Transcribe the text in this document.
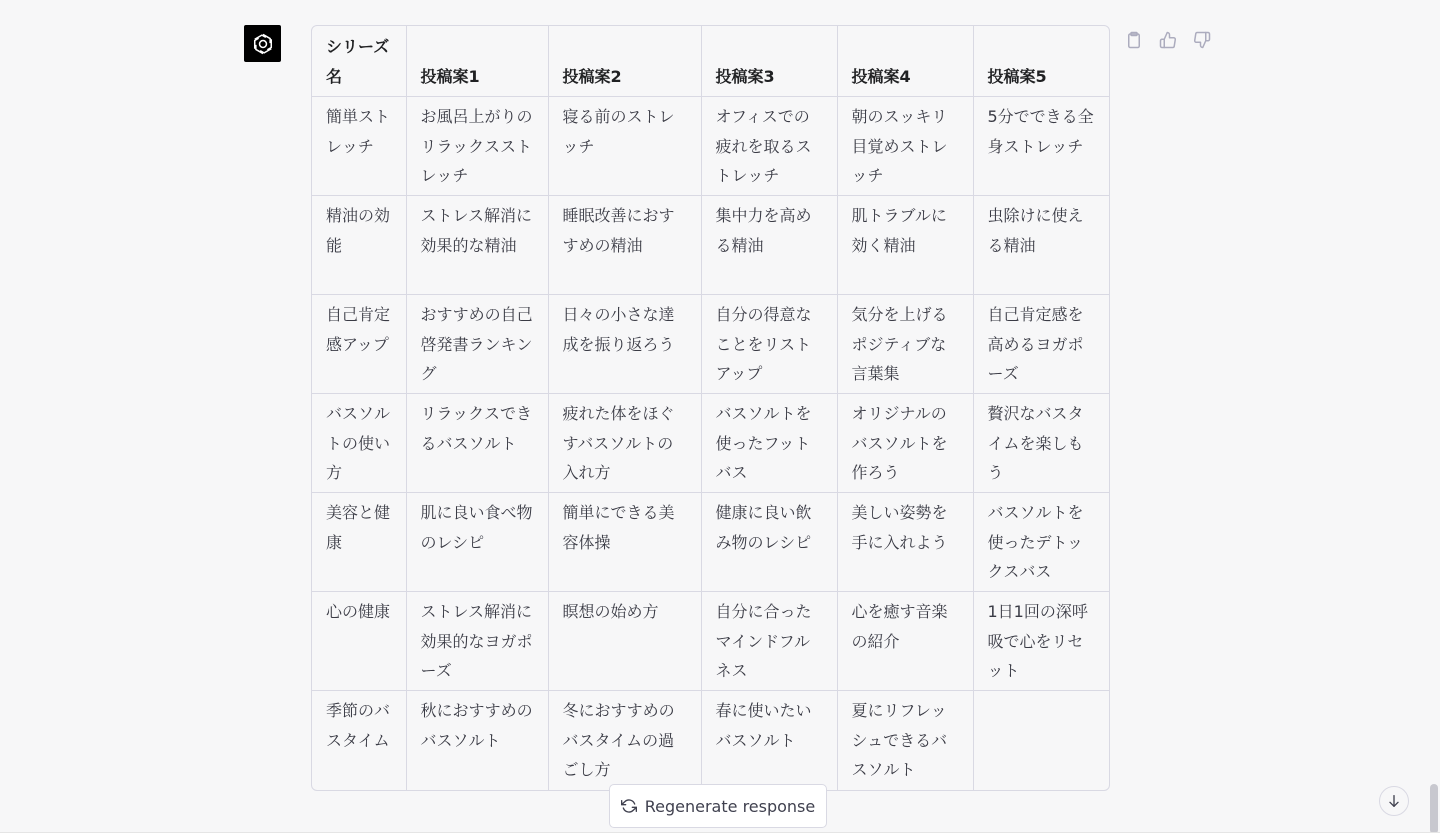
シリーズ名	投稿案1	投稿案2	投稿案3	投稿案4	投稿案5
簡単ストレッチ	お風呂上がりのリラックスストレッチ	寝る前のストレッチ	オフィスでの疲れを取るストレッチ	朝のスッキリ目覚めストレッチ	5分でできる全身ストレッチ
精油の効能	ストレス解消に効果的な精油	睡眠改善におすすめの精油	集中力を高める精油	肌トラブルに効く精油	虫除けに使える精油
自己肯定感アップ	おすすめの自己啓発書ランキング	日々の小さな達成を振り返ろう	自分の得意なことをリストアップ	気分を上げるポジティブな言葉集	自己肯定感を高めるヨガポーズ
バスソルトの使い方	リラックスできるバスソルト	疲れた体をほぐすバスソルトの入れ方	バスソルトを使ったフットバス	オリジナルのバスソルトを作ろう	贅沢なバスタイムを楽しもう
美容と健康	肌に良い食べ物のレシピ	簡単にできる美容体操	健康に良い飲み物のレシピ	美しい姿勢を手に入れよう	バスソルトを使ったデトックスバス
心の健康	ストレス解消に効果的なヨガポーズ	瞑想の始め方	自分に合ったマインドフルネス	心を癒す音楽の紹介	1日1回の深呼吸で心をリセット
季節のバスタイム	秋におすすめのバスソルト	冬におすすめのバスタイムの過ごし方	春に使いたいバスソルト	夏にリフレッシュできるバスソルト	
Regenerate response
